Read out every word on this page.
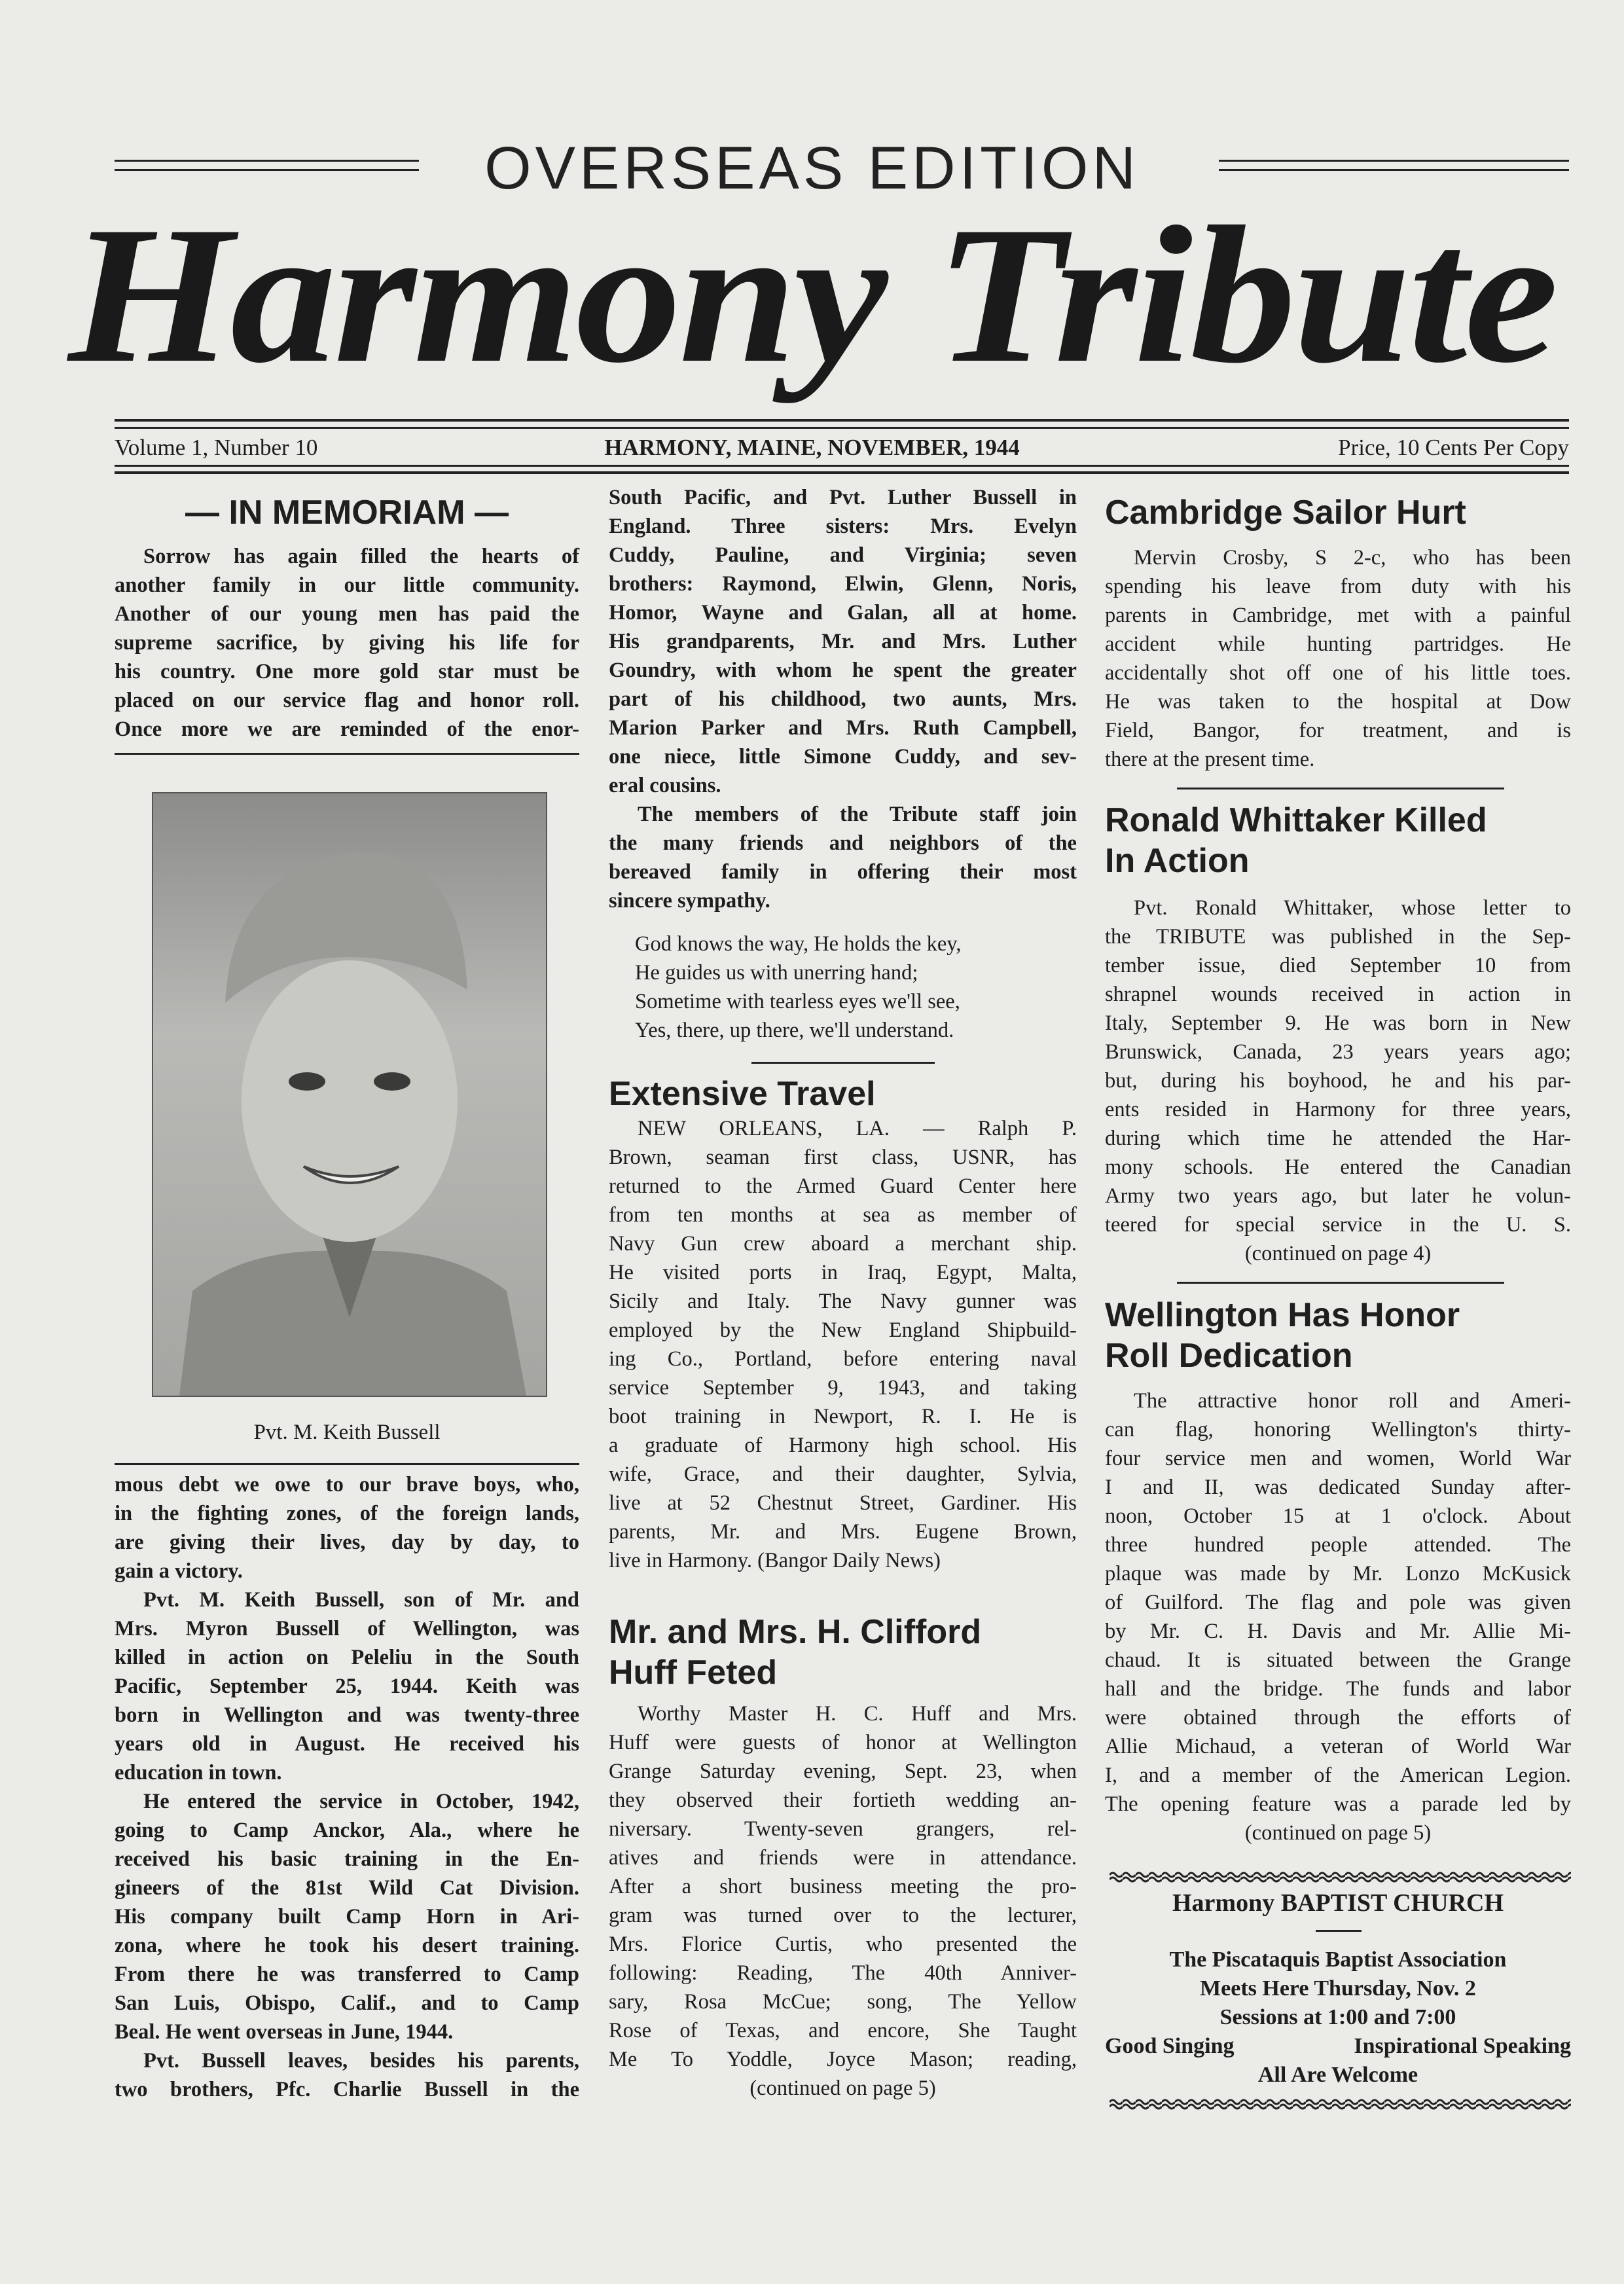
OVERSEAS EDITION
Harmony Tribute
Volume 1, Number 10	HARMONY, MAINE, NOVEMBER, 1944	Price, 10 Cents Per Copy
— IN MEMORIAM —
Sorrow has again filled the hearts of
another family in our little community.
Another of our young men has paid the
supreme sacrifice, by giving his life for
his country. One more gold star must be
placed on our service flag and honor roll.
Once more we are reminded of the enor-
mous debt we owe to our brave boys, who,
in the fighting zones, of the foreign lands,
are giving their lives, day by day, to
gain a victory.
Pvt. M. Keith Bussell, son of Mr. and
Mrs. Myron Bussell of Wellington, was
killed in action on Peleliu in the South
Pacific, September 25, 1944. Keith was
born in Wellington and was twenty-three
years old in August. He received his
education in town.
He entered the service in October, 1942,
going to Camp Anckor, Ala., where he
received his basic training in the En-
gineers of the 81st Wild Cat Division.
His company built Camp Horn in Ari-
zona, where he took his desert training.
From there he was transferred to Camp
San Luis, Obispo, Calif., and to Camp
Beal. He went overseas in June, 1944.
Pvt. Bussell leaves, besides his parents,
two brothers, Pfc. Charlie Bussell in the
Pvt. M. Keith Bussell
South Pacific, and Pvt. Luther Bussell in
England. Three sisters: Mrs. Evelyn
Cuddy, Pauline, and Virginia; seven
brothers: Raymond, Elwin, Glenn, Noris,
Homor, Wayne and Galan, all at home.
His grandparents, Mr. and Mrs. Luther
Goundry, with whom he spent the greater
part of his childhood, two aunts, Mrs.
Marion Parker and Mrs. Ruth Campbell,
one niece, little Simone Cuddy, and sev-
eral cousins.
The members of the Tribute staff join
the many friends and neighbors of the
bereaved family in offering their most
sincere sympathy.
God knows the way, He holds the key,
He guides us with unerring hand;
Sometime with tearless eyes we'll see,
Yes, there, up there, we'll understand.
Extensive Travel
NEW ORLEANS, LA. — Ralph P.
Brown, seaman first class, USNR, has
returned to the Armed Guard Center here
from ten months at sea as member of
Navy Gun crew aboard a merchant ship.
He visited ports in Iraq, Egypt, Malta,
Sicily and Italy. The Navy gunner was
employed by the New England Shipbuild-
ing Co., Portland, before entering naval
service September 9, 1943, and taking
boot training in Newport, R. I. He is
a graduate of Harmony high school. His
wife, Grace, and their daughter, Sylvia,
live at 52 Chestnut Street, Gardiner. His
parents, Mr. and Mrs. Eugene Brown,
live in Harmony. (Bangor Daily News)
Mr. and Mrs. H. Clifford
Huff Feted
Worthy Master H. C. Huff and Mrs.
Huff were guests of honor at Wellington
Grange Saturday evening, Sept. 23, when
they observed their fortieth wedding an-
niversary. Twenty-seven grangers, rel-
atives and friends were in attendance.
After a short business meeting the pro-
gram was turned over to the lecturer,
Mrs. Florice Curtis, who presented the
following: Reading, The 40th Anniver-
sary, Rosa McCue; song, The Yellow
Rose of Texas, and encore, She Taught
Me To Yoddle, Joyce Mason; reading,
(continued on page 5)
Cambridge Sailor Hurt
Mervin Crosby, S 2-c, who has been
spending his leave from duty with his
parents in Cambridge, met with a painful
accident while hunting partridges. He
accidentally shot off one of his little toes.
He was taken to the hospital at Dow
Field, Bangor, for treatment, and is
there at the present time.
Ronald Whittaker Killed
In Action
Pvt. Ronald Whittaker, whose letter to
the TRIBUTE was published in the Sep-
tember issue, died September 10 from
shrapnel wounds received in action in
Italy, September 9. He was born in New
Brunswick, Canada, 23 years years ago;
but, during his boyhood, he and his par-
ents resided in Harmony for three years,
during which time he attended the Har-
mony schools. He entered the Canadian
Army two years ago, but later he volun-
teered for special service in the U. S.
(continued on page 4)
Wellington Has Honor
Roll Dedication
The attractive honor roll and Ameri-
can flag, honoring Wellington's thirty-
four service men and women, World War
I and II, was dedicated Sunday after-
noon, October 15 at 1 o'clock. About
three hundred people attended. The
plaque was made by Mr. Lonzo McKusick
of Guilford. The flag and pole was given
by Mr. C. H. Davis and Mr. Allie Mi-
chaud. It is situated between the Grange
hall and the bridge. The funds and labor
were obtained through the efforts of
Allie Michaud, a veteran of World War
I, and a member of the American Legion.
The opening feature was a parade led by
(continued on page 5)
Harmony BAPTIST CHURCH
The Piscataquis Baptist Association
Meets Here Thursday, Nov. 2
Sessions at 1:00 and 7:00
Good Singing	Inspirational Speaking
All Are Welcome
